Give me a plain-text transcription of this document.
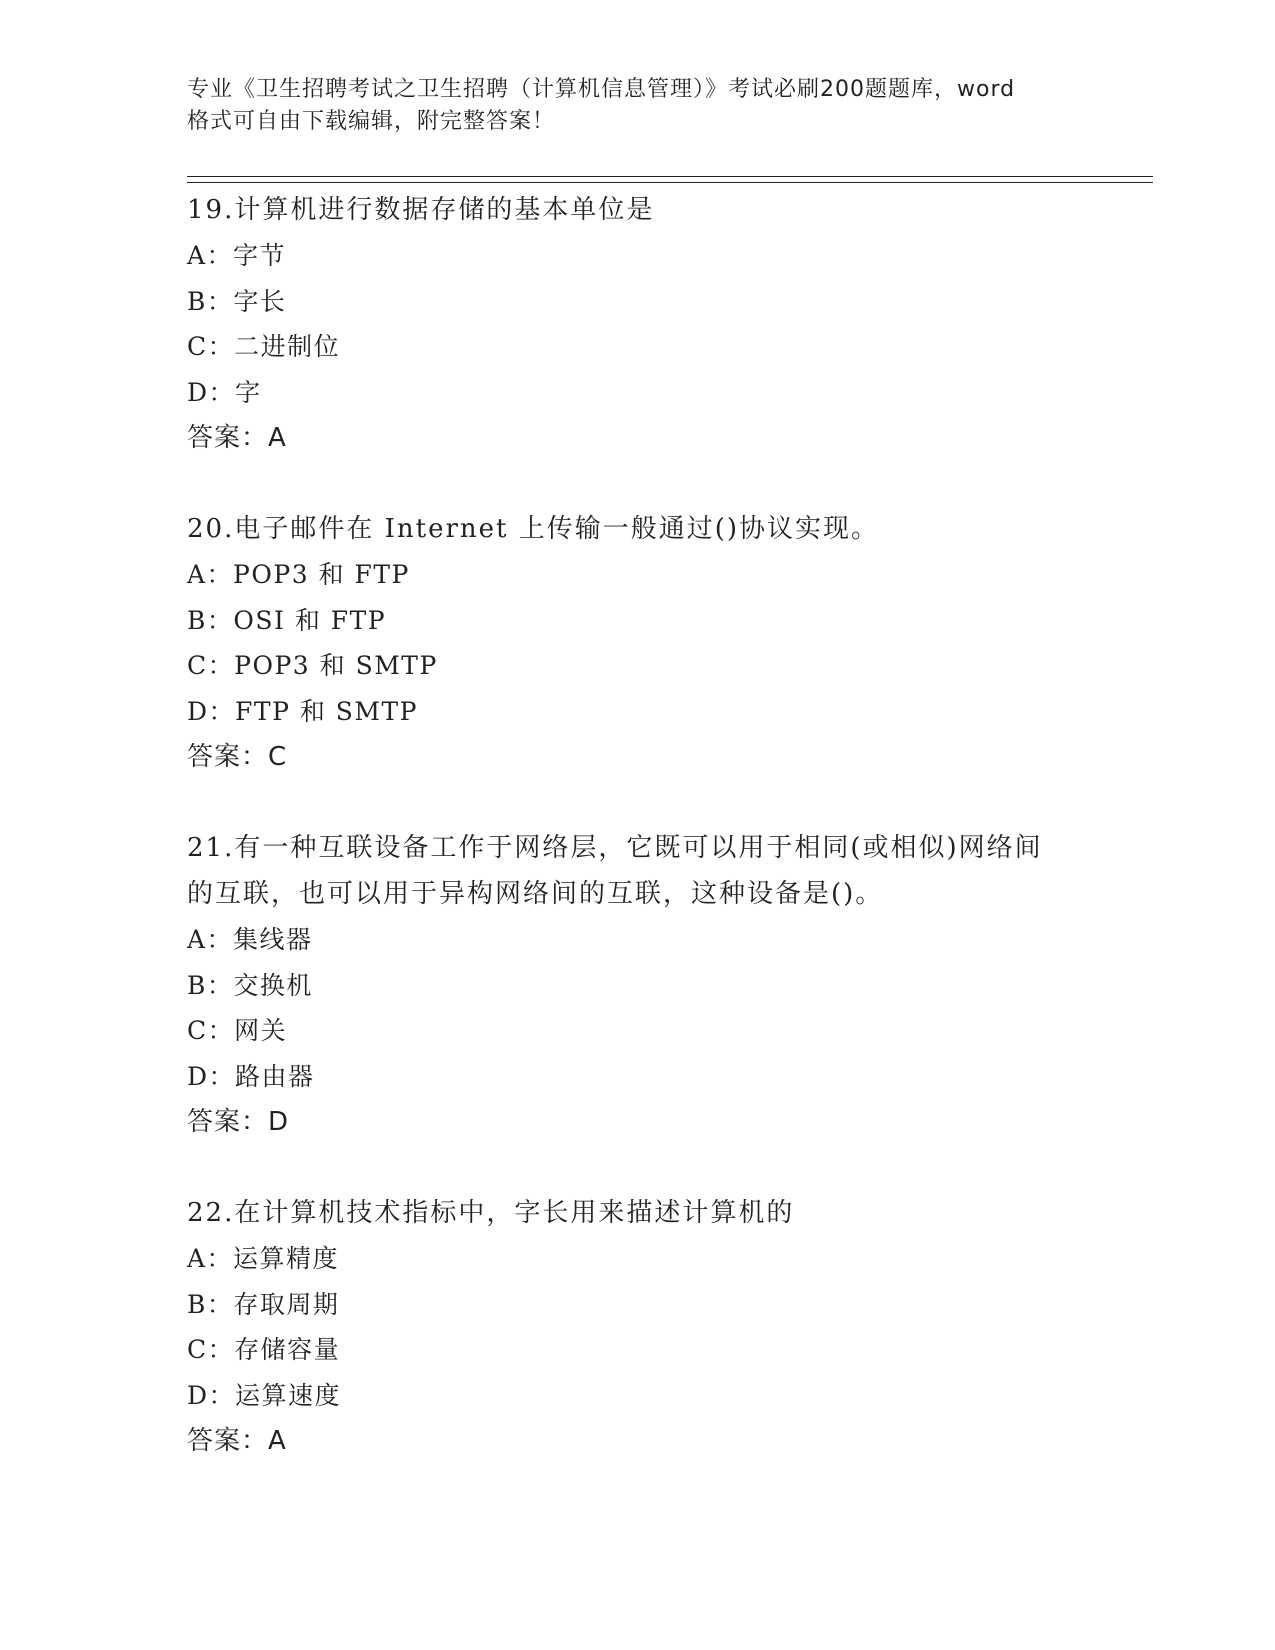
专业《卫生招聘考试之卫生招聘（计算机信息管理）》考试必刷200题题库，word
格式可自由下载编辑，附完整答案！
19.计算机进行数据存储的基本单位是
A：字节
B：字长
C：二进制位
D：字
答案：A
20.电子邮件在 Internet 上传输一般通过()协议实现。
A：POP3 和 FTP
B：OSI 和 FTP
C：POP3 和 SMTP
D：FTP 和 SMTP
答案：C
21.有一种互联设备工作于网络层，它既可以用于相同(或相似)网络间
的互联，也可以用于异构网络间的互联，这种设备是()。
A：集线器
B：交换机
C：网关
D：路由器
答案：D
22.在计算机技术指标中，字长用来描述计算机的
A：运算精度
B：存取周期
C：存储容量
D：运算速度
答案：A
